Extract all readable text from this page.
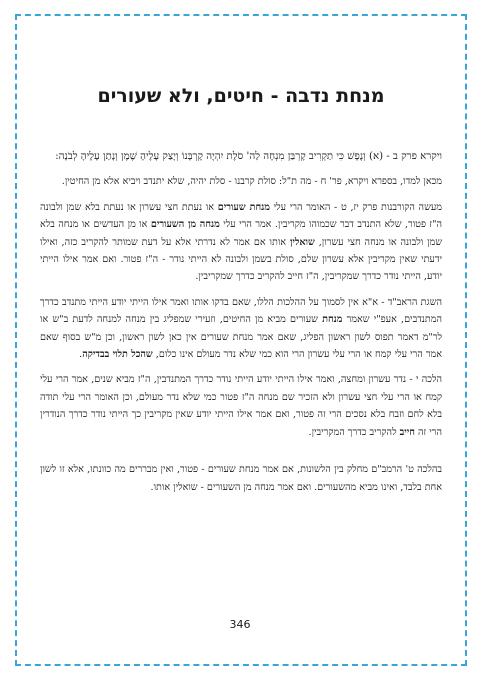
מנחת נדבה - חיטים, ולא שעורים

ויקרא פרק ב - (א) וְנֶפֶשׁ כִּי תַקְרִיב קָרְבַּן מִנְחָה לַה' סֹלֶת יִהְיֶה קָרְבָּנוֹ וְיָצַק עָלֶיהָ שֶׁמֶן וְנָתַן עָלֶיהָ לְבֹנָה:

מכאן למדו, בספרא ויקרא, פר' ח - מה ת"ל: סולת קרבנו - סלת יהיה, שלא יתנדב ויביא אלא מן החיטין.

מעשה הקורבנות פרק יז, ט - האומר הרי עלי מנחת שעורים או נעתת חצי עשרון או נעתת בלא שמן ולבונה ה"ז פטור, שלא התנדב דבר שכמוהו מקריבין. אמר הרי עלי מנחה מן השעורים או מן העדשים או מנחה בלא שמן ולבונה או מנחה חצי עשרון, שואלין אותו אם אמר לא נדרתי אלא על דעת שמותר להקריב כזה, ואילו ידעתי שאין מקריבין אלא עשרון שלם, סולת בשמן ולבונה לא הייתי נודר - ה"ז פטור. ואם אמר אילו הייתי יודע, הייתי נודר כדרך שמקריבין, ה"ז חייב להקריב כדרך שמקריבין.

השגת הראב"ד - א"א אין לסמוך על ההלכות הללו, שאם בדקו אותו ואמר אילו הייתי יודע הייתי מתנדב כדרך המתנדבים, אעפ"י שאמר מנחת שעורים מביא מן החיטים, וזעירי שמפליג בין מנחה למנחה לדעת ב"ש או לר"מ דאמר תפוס לשון ראשון הפליג, שאם אמר מנחת שעורים אין כאן לשון ראשון, וכן מ"ש בסוף שאם אמר הרי עלי קמח או הרי עלי עשרון הרי הוא כמי שלא נדר מעולם אינו כלום, שהכל תלוי בבדיקה.

הלכה י - נדר עשרון ומחצה, ואמר אילו הייתי יודע הייתי נודר כדרך המתנדבין, ה"ז מביא שנים, אמר הרי עלי קמח או הרי עלי חצי עשרון ולא הזכיר שם מנחה ה"ז פטור כמי שלא נדר מעולם, וכן האומר הרי עלי תודה בלא לחם וזבח בלא נסכים הרי זה פטור, ואם אמר אילו הייתי יודע שאין מקריבין כך הייתי נודר כדרך הנודרין הרי זה חייב להקריב כדרך המקריבין.

בהלכה ט' הרמב"ם מחלק בין הלשונות, אם אמר מנחת שעורים - פטור, ואין מבררים מה כוונתו, אלא זו לשון אחת בלבד, ואינו מביא מהשעורים. ואם אמר מנחה מן השעורים - שואלין אותו.

346
